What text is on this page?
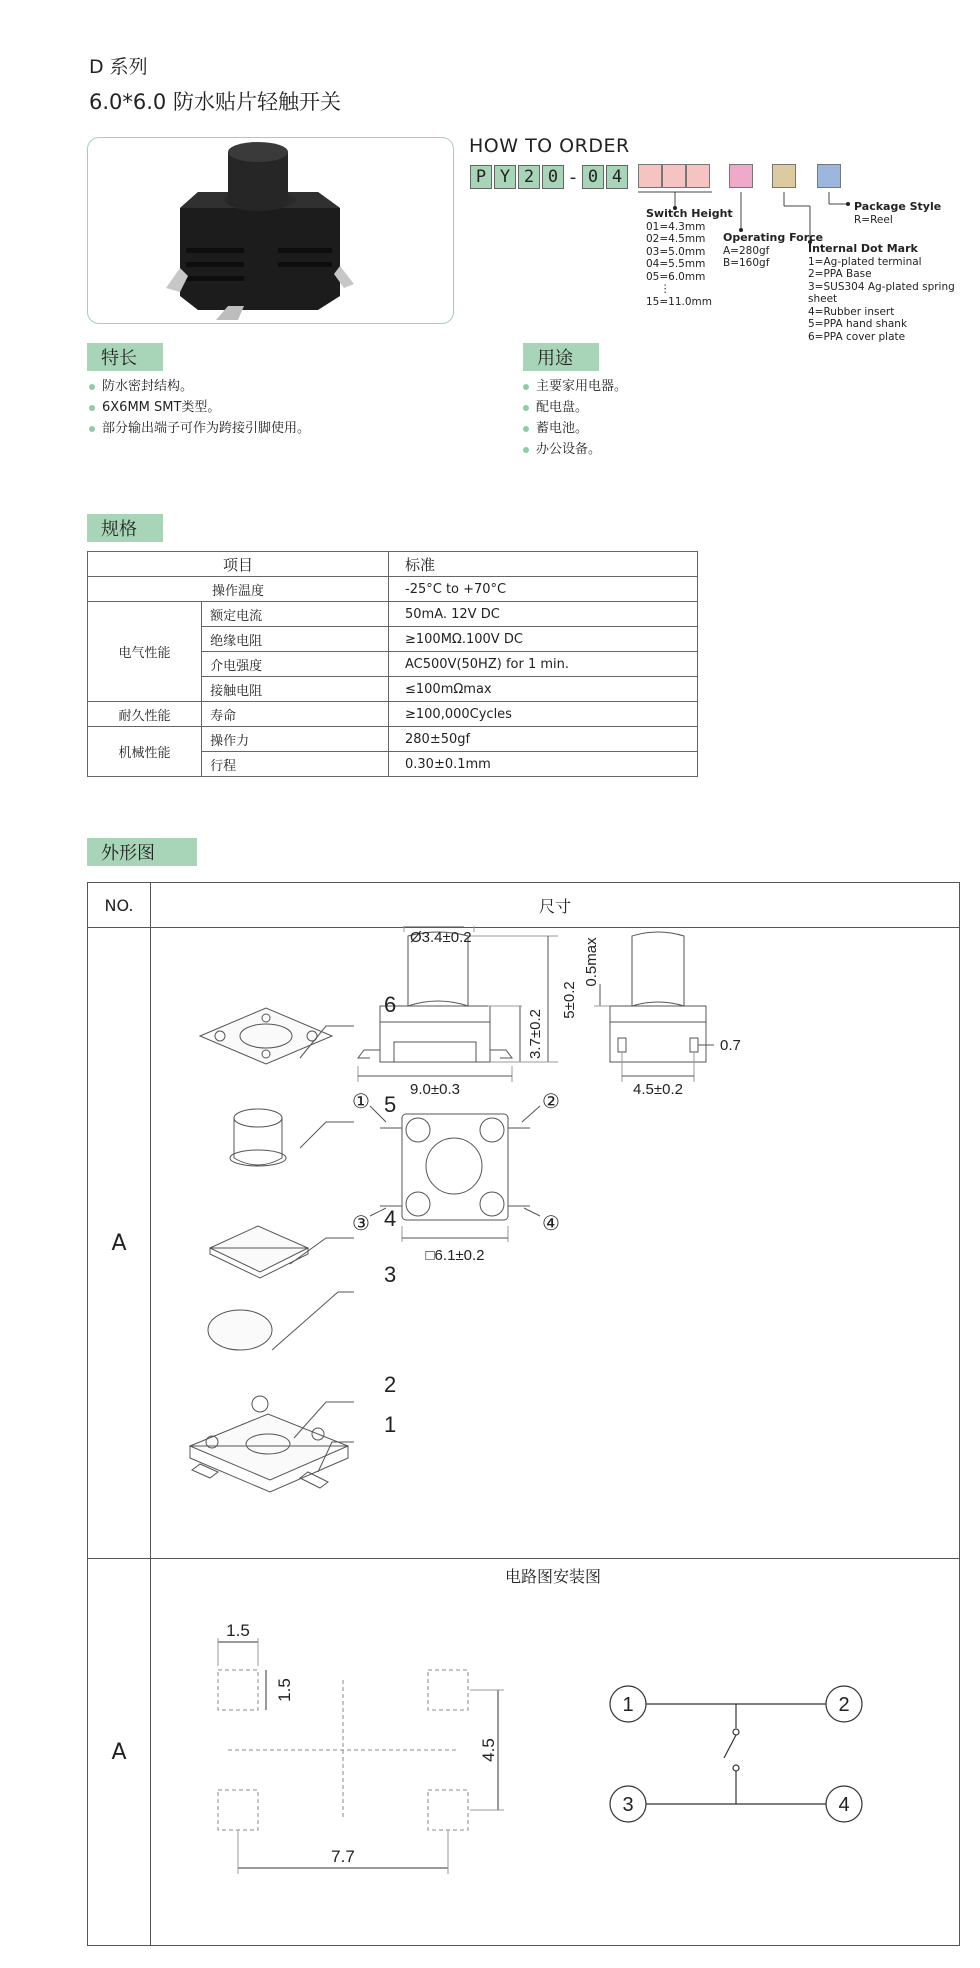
D 系列
6.0*6.0 防水贴片轻触开关
HOW TO ORDER
P Y 2 0 - 0 4
Switch Height
01=4.3mm
02=4.5mm
03=5.0mm
04=5.5mm
05=6.0mm
⋮
15=11.0mm
Operating Force
A=280gf
B=160gf
Internal Dot Mark
1=Ag-plated terminal
2=PPA Base
3=SUS304 Ag-plated spring sheet
4=Rubber insert
5=PPA hand shank
6=PPA cover plate
Package Style
R=Reel
特长
防水密封结构。
6X6MM SMT类型。
部分输出端子可作为跨接引脚使用。
用途
主要家用电器。
配电盘。
蓄电池。
办公设备。
规格
项目		标准
操作温度		-25°C to +70°C
电气性能	额定电流	50mA. 12V DC
	绝缘电阻	≥100MΩ.100V DC
	介电强度	AC500V(50HZ) for 1 min.
	接触电阻	≤100mΩmax
耐久性能	寿命	≥100,000Cycles
机械性能	操作力	280±50gf
	行程	0.30±0.1mm
外形图
NO.	尺寸
A	
A	
6
5
4
3
2
1
Ø3.4±0.2
5±0.2
3.7±0.2
9.0±0.3
0.5max
4.5±0.2
0.7
□6.1±0.2
①	②
③	④
电路图安装图
1.5
1.5
4.5
7.7
1	2
3	4
